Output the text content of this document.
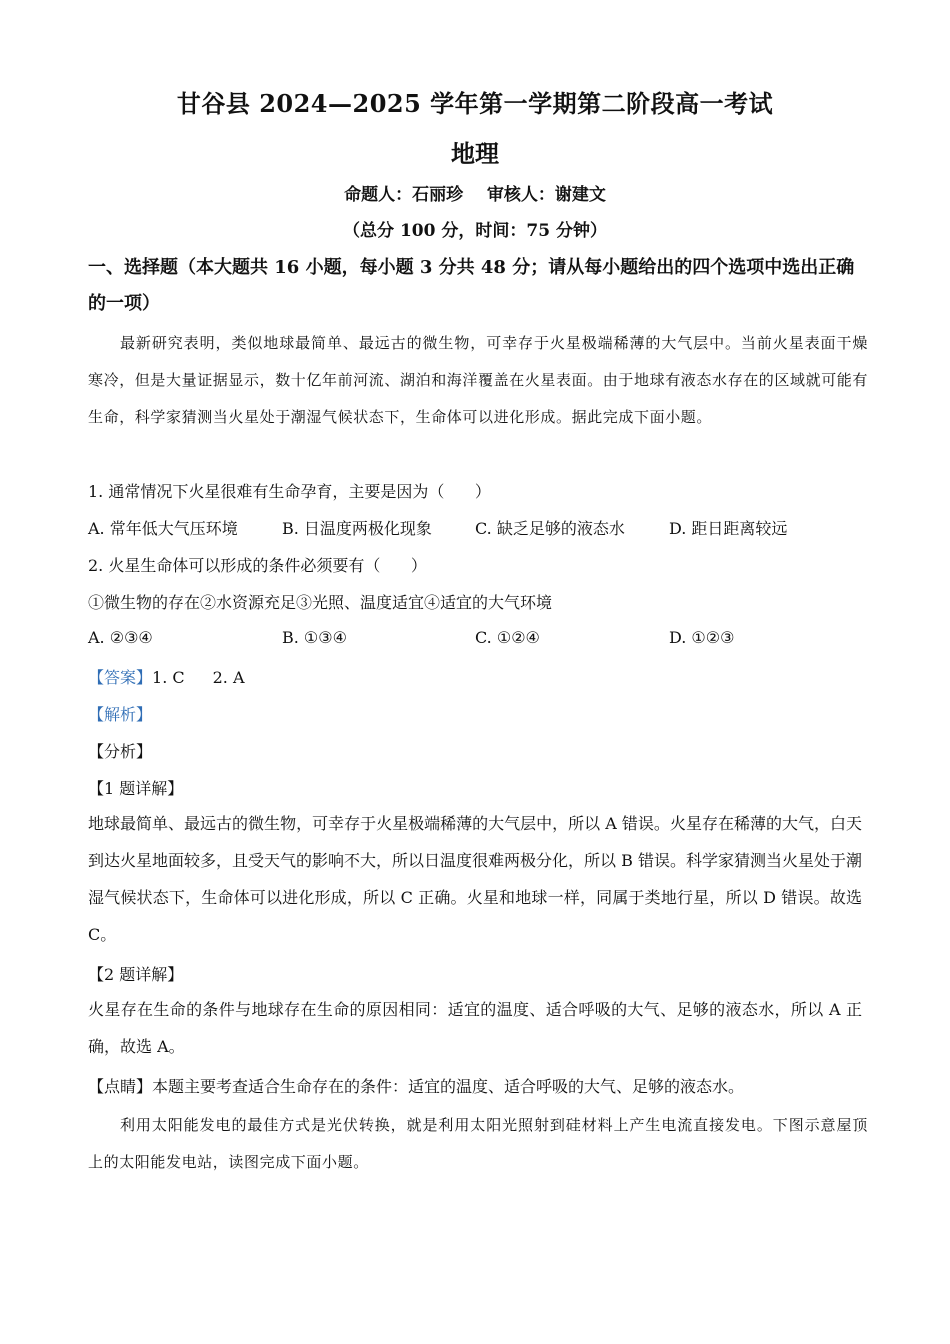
甘谷县 2024—2025 学年第一学期第二阶段高一考试
地理
命题人：石丽珍    审核人：谢建文
（总分 100 分，时间：75 分钟）
一、选择题（本大题共 16 小题，每小题 3 分共 48 分；请从每小题给出的四个选项中选出正确的一项）
最新研究表明，类似地球最简单、最远古的微生物，可幸存于火星极端稀薄的大气层中。当前火星表面干燥寒冷，但是大量证据显示，数十亿年前河流、湖泊和海洋覆盖在火星表面。由于地球有液态水存在的区域就可能有生命，科学家猜测当火星处于潮湿气候状态下，生命体可以进化形成。据此完成下面小题。
1. 通常情况下火星很难有生命孕育，主要是因为（      ）
A. 常年低大气压环境	B. 日温度两极化现象	C. 缺乏足够的液态水	D. 距日距离较远
2. 火星生命体可以形成的条件必须要有（      ）
①微生物的存在②水资源充足③光照、温度适宜④适宜的大气环境
A. ②③④	B. ①③④	C. ①②④	D. ①②③
【答案】1. C 2. A
【解析】
【分析】
【1 题详解】
地球最简单、最远古的微生物，可幸存于火星极端稀薄的大气层中，所以 A 错误。火星存在稀薄的大气，白天到达火星地面较多，且受天气的影响不大，所以日温度很难两极分化，所以 B 错误。科学家猜测当火星处于潮湿气候状态下，生命体可以进化形成，所以 C 正确。火星和地球一样，同属于类地行星，所以 D 错误。故选 C。
【2 题详解】
火星存在生命的条件与地球存在生命的原因相同：适宜的温度、适合呼吸的大气、足够的液态水，所以 A 正确，故选 A。
【点睛】本题主要考查适合生命存在的条件：适宜的温度、适合呼吸的大气、足够的液态水。
利用太阳能发电的最佳方式是光伏转换，就是利用太阳光照射到硅材料上产生电流直接发电。下图示意屋顶上的太阳能发电站，读图完成下面小题。
